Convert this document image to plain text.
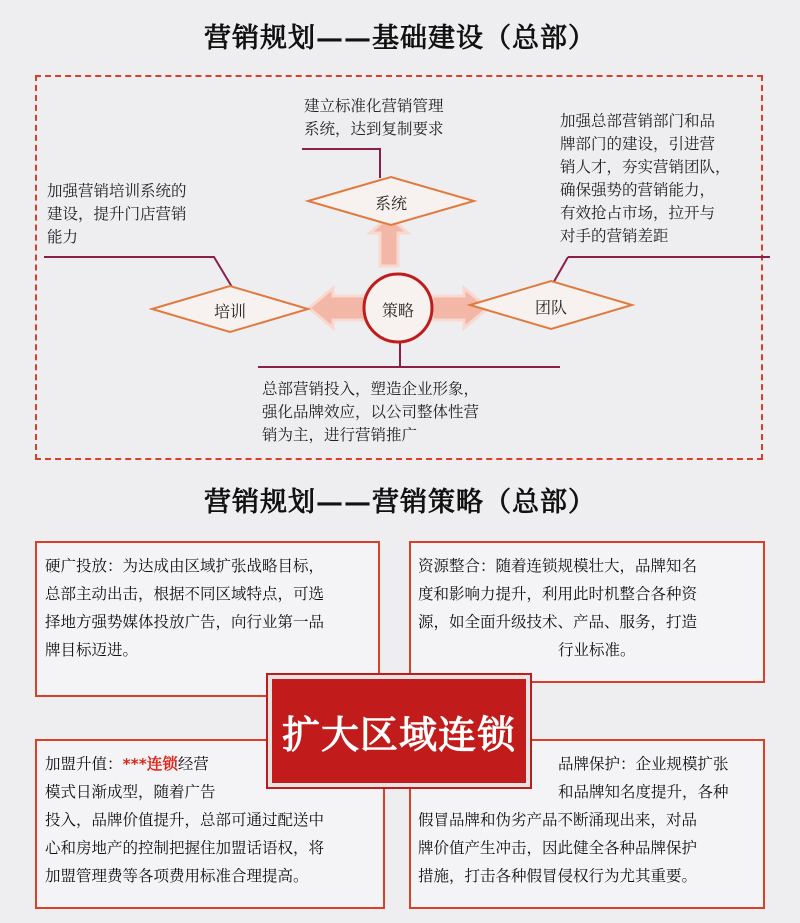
营销规划——基础建设（总部）
系统
培训	团队
策略
建立标准化营销管理
系统，达到复制要求
加强营销培训系统的
建设，提升门店营销
能力
加强总部营销部门和品
牌部门的建设，引进营
销人才，夯实营销团队，
确保强势的营销能力，
有效抢占市场，拉开与
对手的营销差距
总部营销投入，塑造企业形象，
强化品牌效应，以公司整体性营
销为主，进行营销推广
营销规划——营销策略（总部）
硬广投放：为达成由区域扩张战略目标，
总部主动出击，根据不同区域特点，可选
择地方强势媒体投放广告，向行业第一品
牌目标迈进。
资源整合：随着连锁规模壮大，品牌知名
度和影响力提升，利用此时机整合各种资
源，如全面升级技术、产品、服务，打造
行业标准。
加盟升值：***连锁经营
模式日渐成型，随着广告
投入，品牌价值提升，总部可通过配送中
心和房地产的控制把握住加盟话语权，将
加盟管理费等各项费用标准合理提高。
品牌保护：企业规模扩张
和品牌知名度提升，各种
假冒品牌和伪劣产品不断涌现出来，对品
牌价值产生冲击，因此健全各种品牌保护
措施，打击各种假冒侵权行为尤其重要。
扩大区域连锁
